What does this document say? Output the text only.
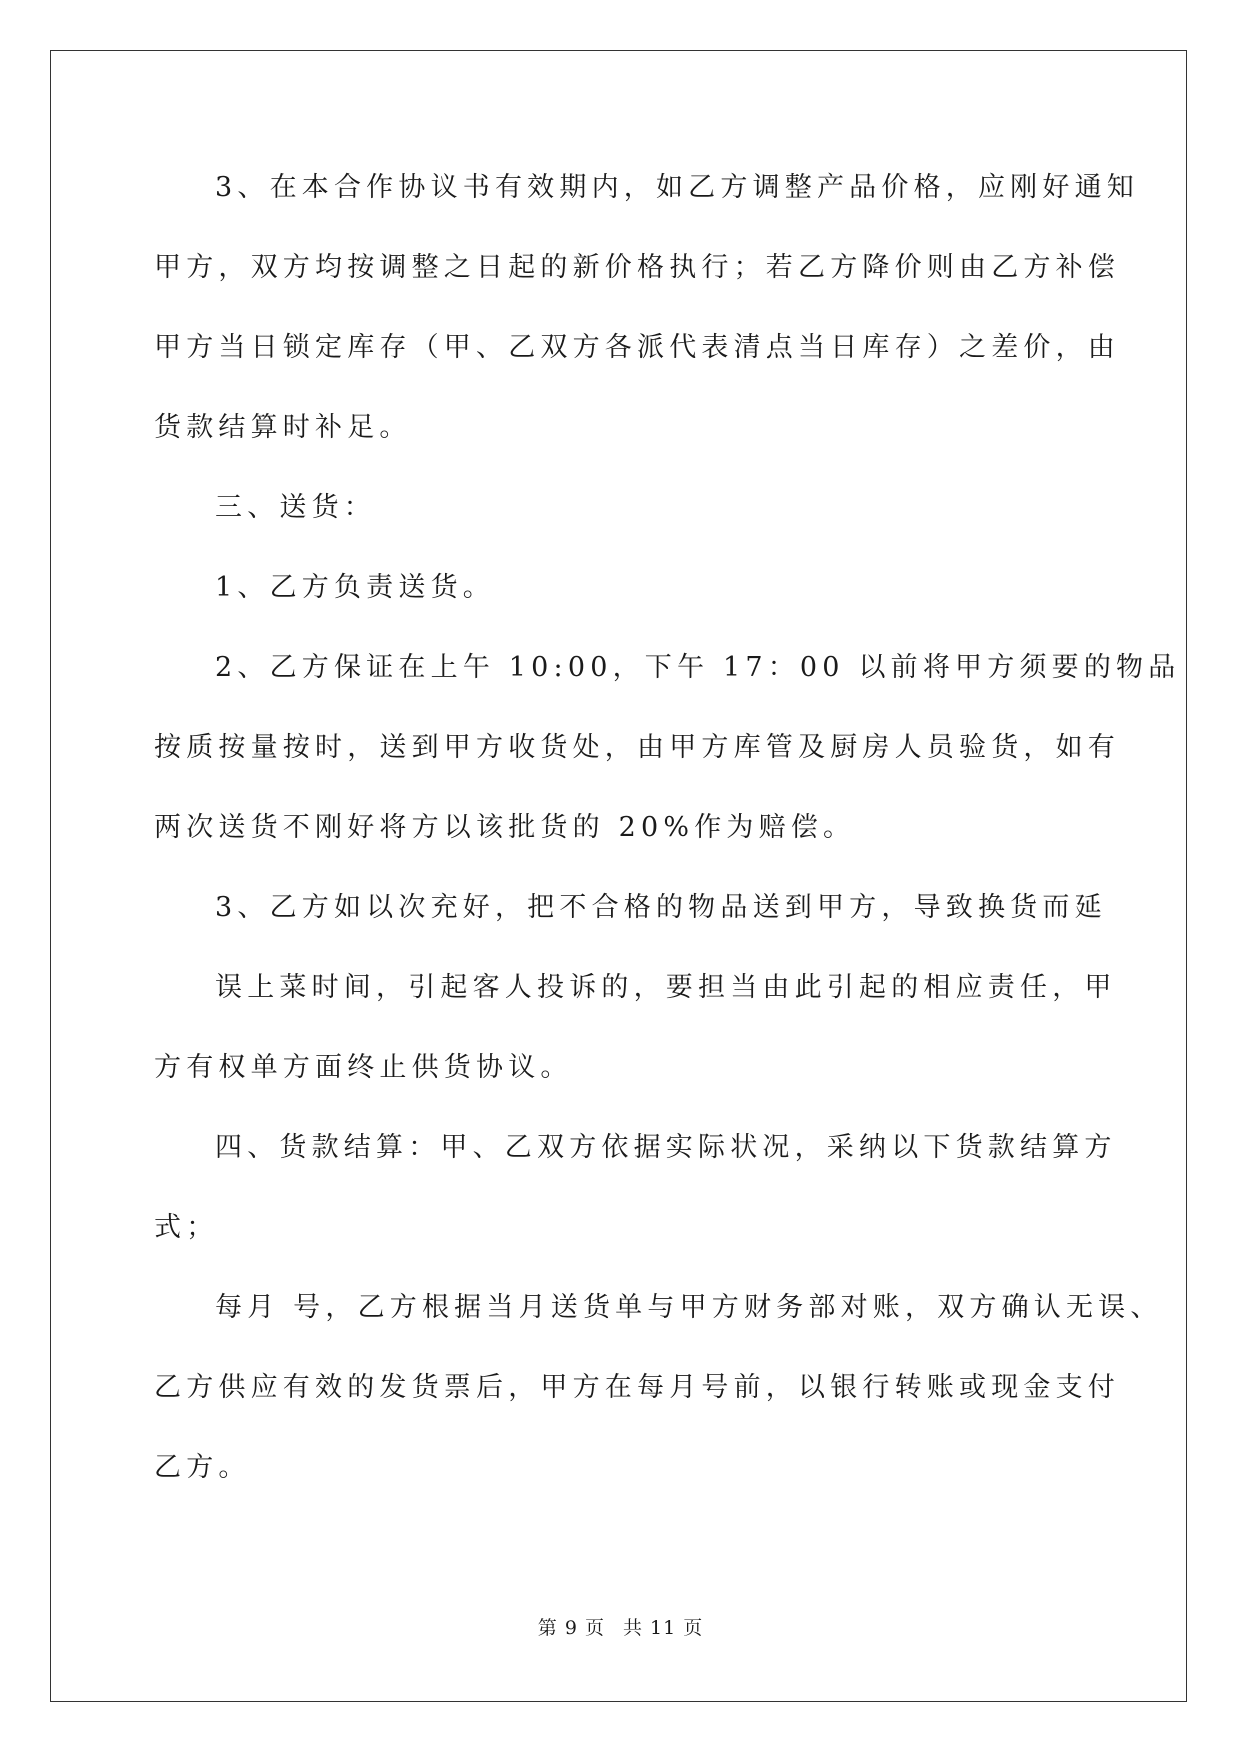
3、在本合作协议书有效期内，如乙方调整产品价格，应刚好通知
甲方，双方均按调整之日起的新价格执行；若乙方降价则由乙方补偿
甲方当日锁定库存（甲、乙双方各派代表清点当日库存）之差价，由
货款结算时补足。
三、送货：
1、乙方负责送货。
2、乙方保证在上午 10:00，下午 17：00 以前将甲方须要的物品
按质按量按时，送到甲方收货处，由甲方库管及厨房人员验货，如有
两次送货不刚好将方以该批货的 20%作为赔偿。
3、乙方如以次充好，把不合格的物品送到甲方，导致换货而延
误上菜时间，引起客人投诉的，要担当由此引起的相应责任，甲
方有权单方面终止供货协议。
四、货款结算：甲、乙双方依据实际状况，采纳以下货款结算方
式；
每月 号，乙方根据当月送货单与甲方财务部对账，双方确认无误、
乙方供应有效的发货票后，甲方在每月号前，以银行转账或现金支付
乙方。
第 9 页 共 11 页
